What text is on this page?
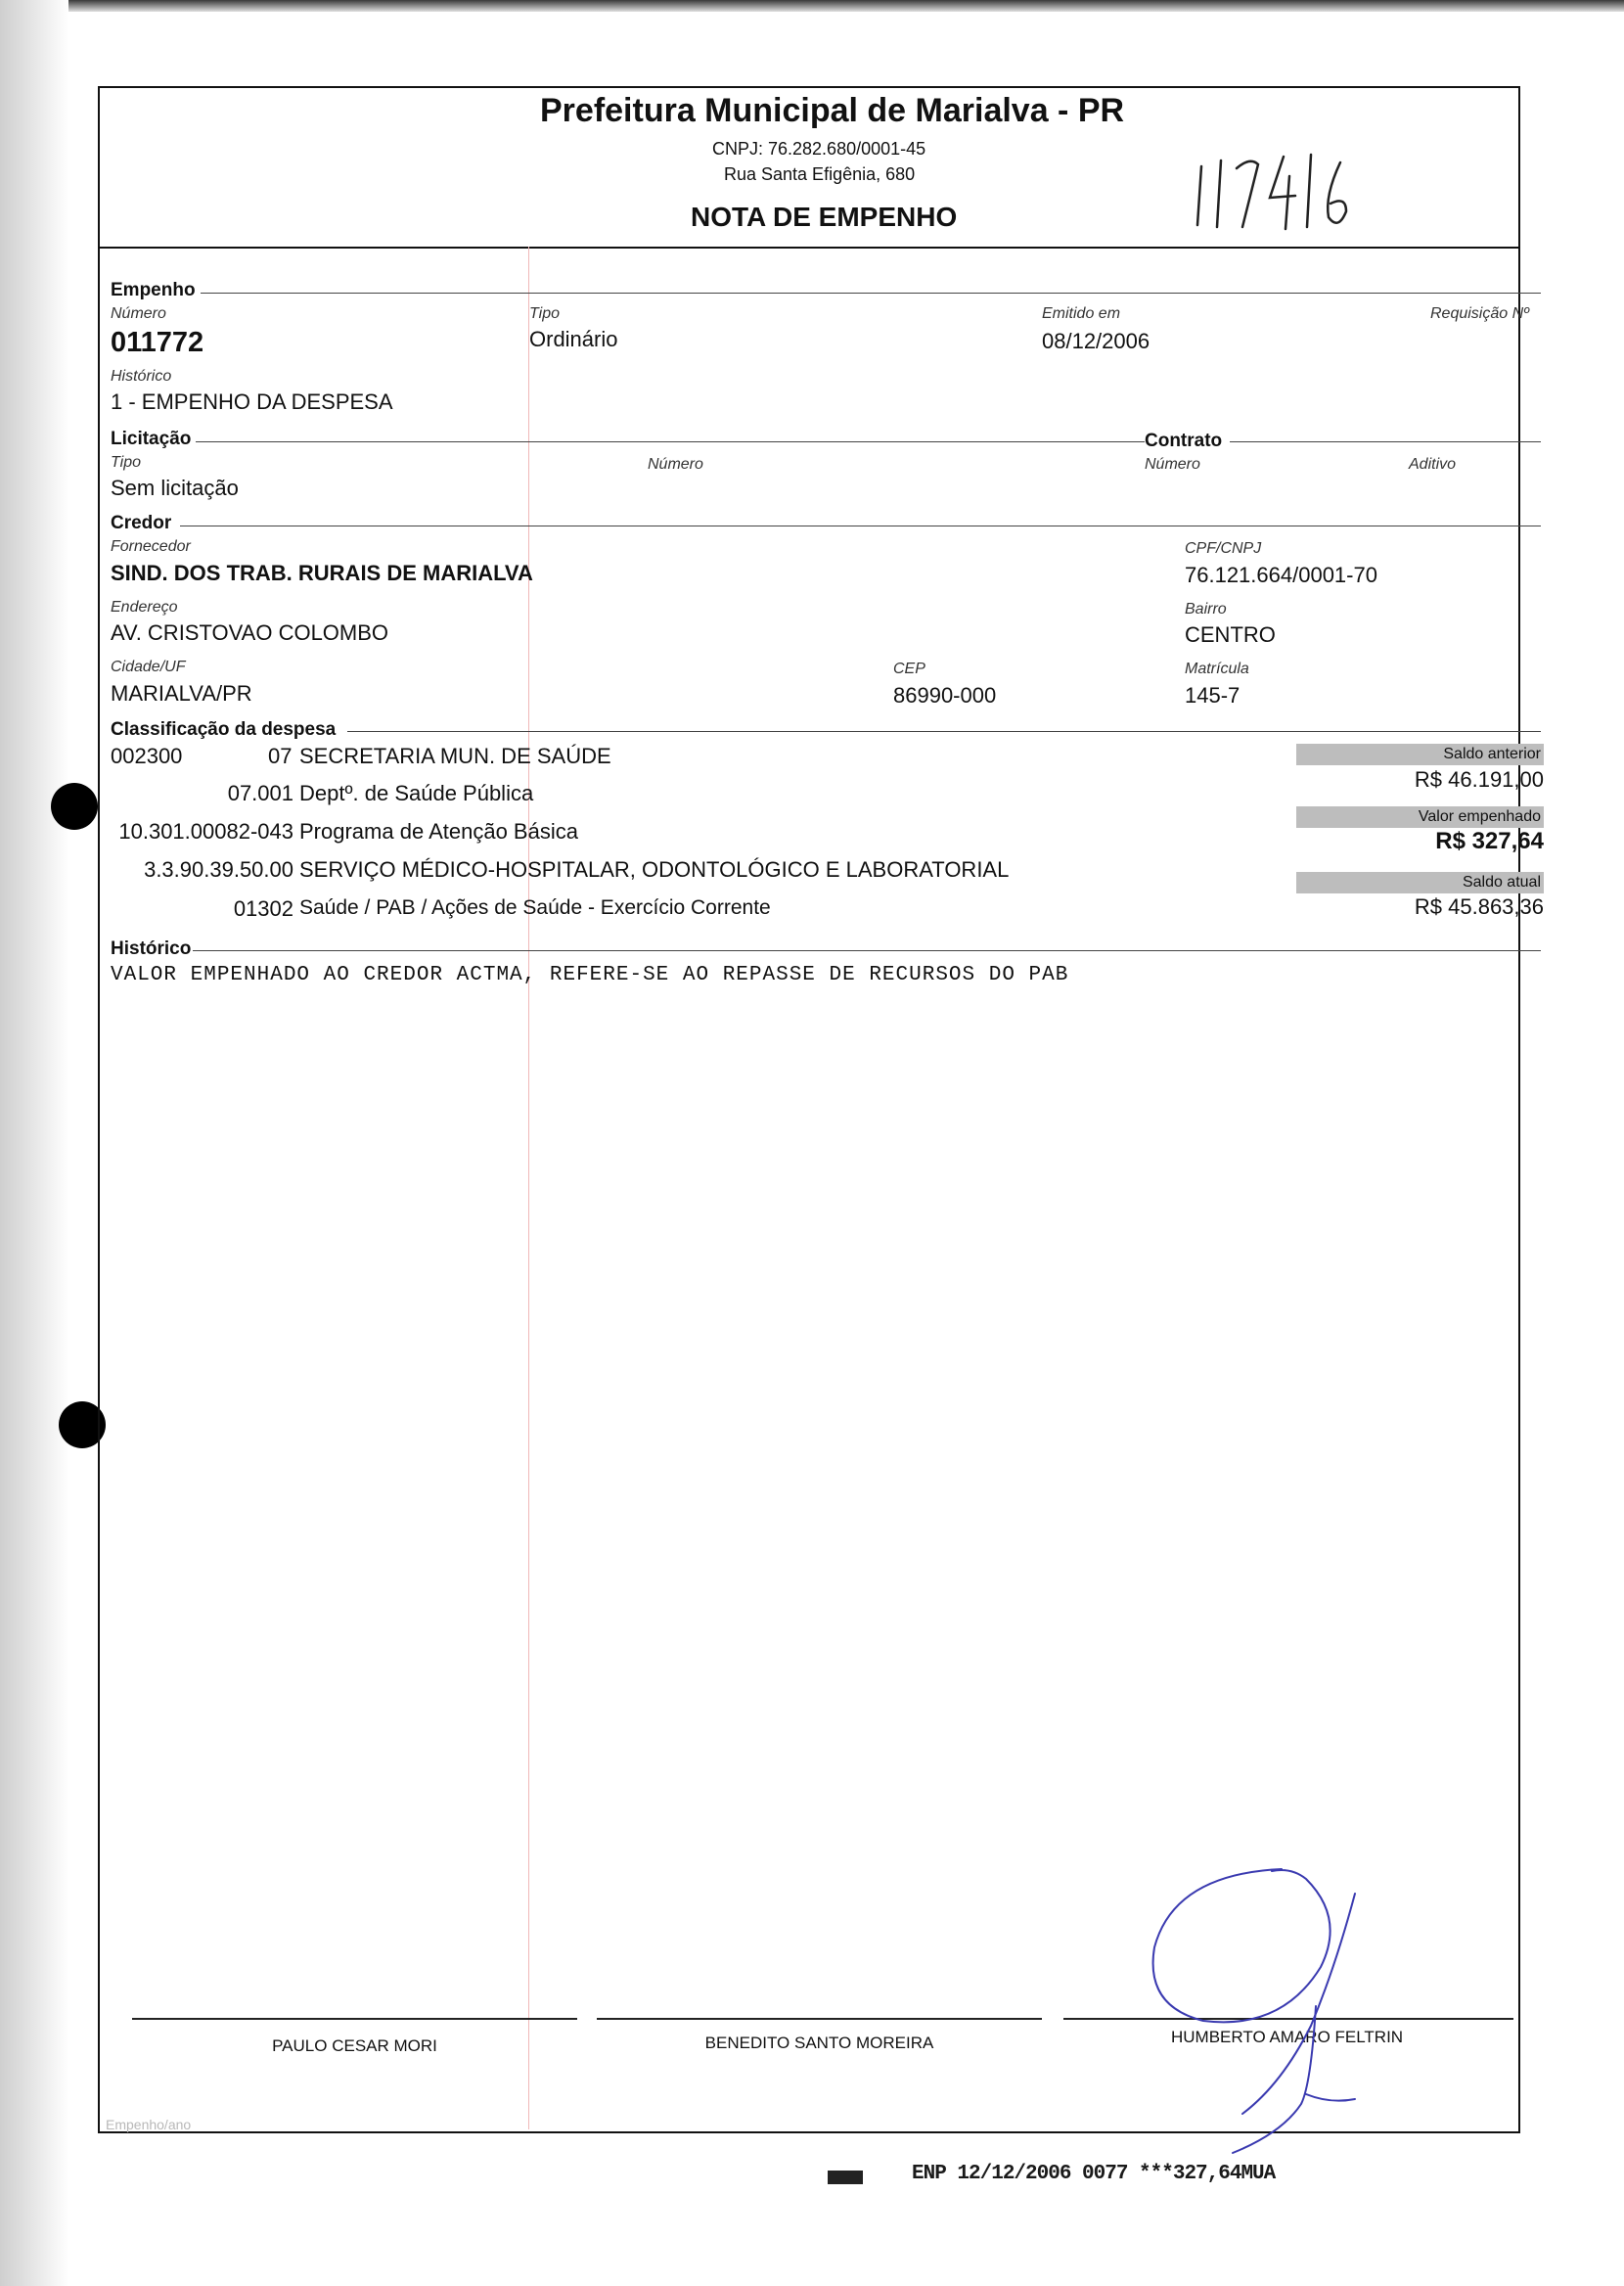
Prefeitura Municipal de Marialva - PR
CNPJ: 76.282.680/0001-45
Rua Santa Efigênia, 680
NOTA DE EMPENHO
Empenho
Número	Tipo	Emitido em	Requisição Nº
011772	Ordinário	08/12/2006
Histórico
1 - EMPENHO DA DESPESA
Licitação	Contrato
Tipo	Número	Número	Aditivo
Sem licitação
Credor
Fornecedor	CPF/CNPJ
SIND. DOS TRAB. RURAIS DE MARIALVA	76.121.664/0001-70
Endereço	Bairro
AV. CRISTOVAO COLOMBO	CENTRO
Cidade/UF	CEP	Matrícula
MARIALVA/PR	86990-000	145-7
Classificação da despesa
002300	07 SECRETARIA MUN. DE SAÚDE
07.001 Deptº. de Saúde Pública
10.301.00082-043 Programa de Atenção Básica
3.3.90.39.50.00 SERVIÇO MÉDICO-HOSPITALAR, ODONTOLÓGICO E LABORATORIAL
01302 Saúde / PAB / Ações de Saúde - Exercício Corrente
Saldo anterior
R$ 46.191,00
Valor empenhado
R$ 327,64
Saldo atual
R$ 45.863,36
Histórico
VALOR EMPENHADO AO CREDOR ACTMA, REFERE-SE AO REPASSE DE RECURSOS DO PAB
PAULO CESAR MORI	BENEDITO SANTO MOREIRA	HUMBERTO AMARO FELTRIN
Empenho/ano
ENP 12/12/2006 0077 ***327,64MUA
